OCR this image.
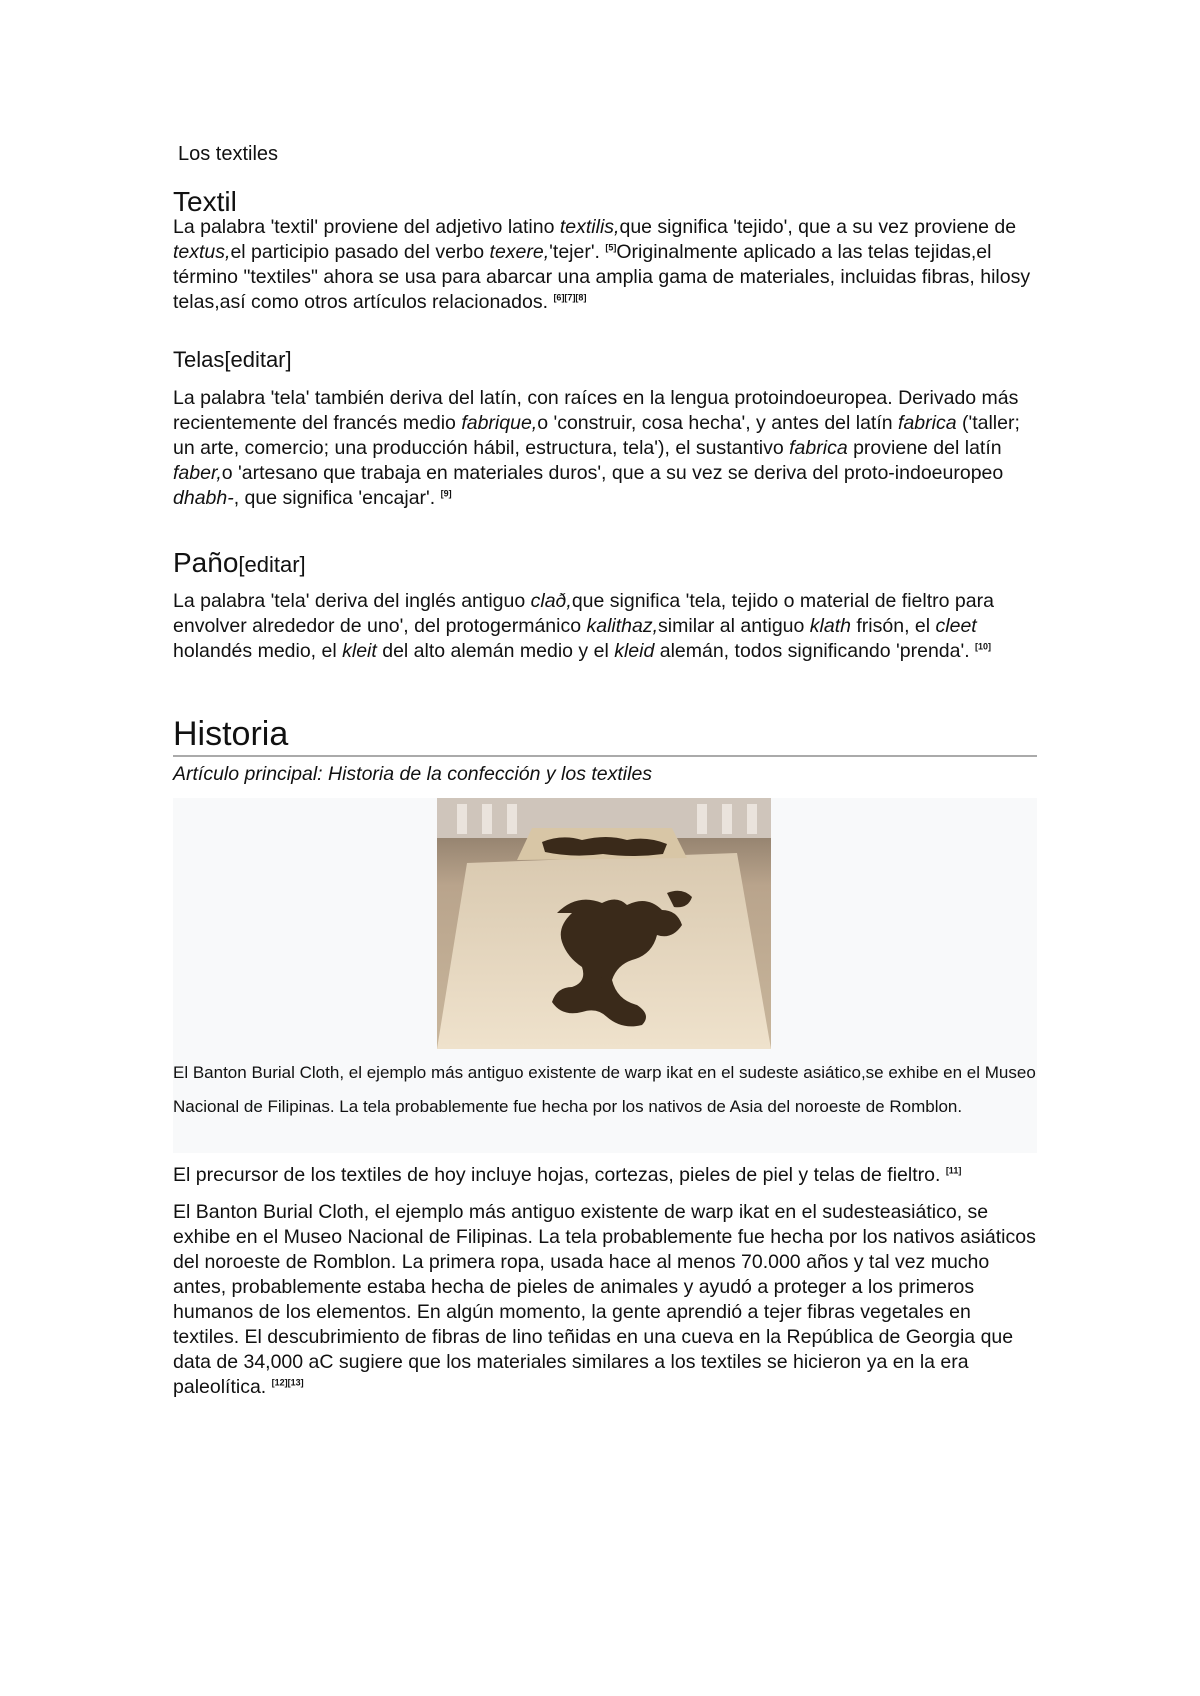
Los textiles

Textil

La palabra 'textil' proviene del adjetivo latino textilis,que significa 'tejido', que a su vez proviene de textus,el participio pasado del verbo texere,'tejer'. [5]Originalmente aplicado a las telas tejidas,el término "textiles" ahora se usa para abarcar una amplia gama de materiales, incluidas fibras, hilosy telas,así como otros artículos relacionados. [6][7][8]

Telas[editar]

La palabra 'tela' también deriva del latín, con raíces en la lengua protoindoeuropea. Derivado más recientemente del francés medio fabrique,o 'construir, cosa hecha', y antes del latín fabrica ('taller; un arte, comercio; una producción hábil, estructura, tela'), el sustantivo fabrica proviene del latín faber,o 'artesano que trabaja en materiales duros', que a su vez se deriva del proto-indoeuropeo dhabh-, que significa 'encajar'. [9]

Paño[editar]

La palabra 'tela' deriva del inglés antiguo clað,que significa 'tela, tejido o material de fieltro para envolver alrededor de uno', del protogermánico kalithaz,similar al antiguo klath frisón, el cleet holandés medio, el kleit del alto alemán medio y el kleid alemán, todos significando 'prenda'. [10]

Historia

Artículo principal: Historia de la confección y los textiles

El Banton Burial Cloth, el ejemplo más antiguo existente de warp ikat en el sudeste asiático,se exhibe en el Museo Nacional de Filipinas. La tela probablemente fue hecha por los nativos de Asia del noroeste de Romblon.

El precursor de los textiles de hoy incluye hojas, cortezas, pieles de piel y telas de fieltro. [11]

El Banton Burial Cloth, el ejemplo más antiguo existente de warp ikat en el sudesteasiático, se exhibe en el Museo Nacional de Filipinas. La tela probablemente fue hecha por los nativos asiáticos del noroeste de Romblon. La primera ropa, usada hace al menos 70.000 años y tal vez mucho antes, probablemente estaba hecha de pieles de animales y ayudó a proteger a los primeros humanos de los elementos. En algún momento, la gente aprendió a tejer fibras vegetales en textiles. El descubrimiento de fibras de lino teñidas en una cueva en la República de Georgia que data de 34,000 aC sugiere que los materiales similares a los textiles se hicieron ya en la era paleolítica. [12][13]
